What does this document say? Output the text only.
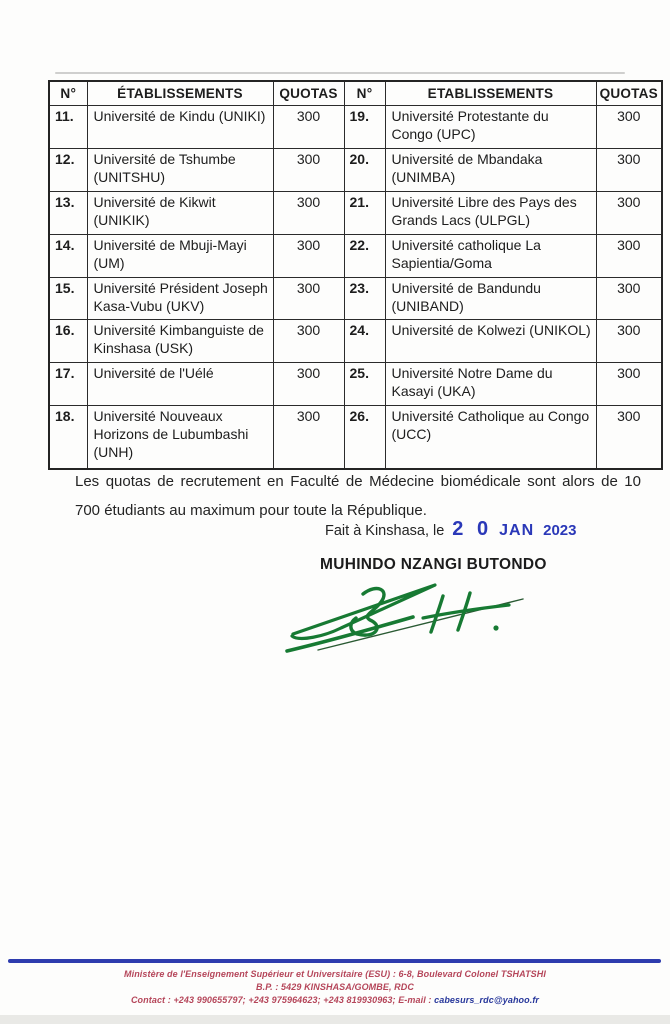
N°	ÉTABLISSEMENTS	QUOTAS	N°	ETABLISSEMENTS	QUOTAS
11.	Université de Kindu (UNIKI)	300	19.	Université Protestante du Congo (UPC)	300
12.	Université de Tshumbe (UNITSHU)	300	20.	Université de Mbandaka (UNIMBA)	300
13.	Université de Kikwit (UNIKIK)	300	21.	Université Libre des Pays des Grands Lacs (ULPGL)	300
14.	Université de Mbuji-Mayi (UM)	300	22.	Université catholique La Sapientia/Goma	300
15.	Université Président Joseph Kasa-Vubu (UKV)	300	23.	Université de Bandundu (UNIBAND)	300
16.	Université Kimbanguiste de Kinshasa (USK)	300	24.	Université de Kolwezi (UNIKOL)	300
17.	Université de l'Uélé	300	25.	Université Notre Dame du Kasayi (UKA)	300
18.	Université Nouveaux Horizons de Lubumbashi (UNH)	300	26.	Université Catholique au Congo (UCC)	300

Les quotas de recrutement en Faculté de Médecine biomédicale sont alors de 10 700 étudiants au maximum pour toute la République.

Fait à Kinshasa, le 2 0 JAN 2023
MUHINDO NZANGI BUTONDO
Ministère de l'Enseignement Supérieur et Universitaire (ESU) : 6-8, Boulevard Colonel TSHATSHI
B.P. : 5429 KINSHASA/GOMBE, RDC
Contact : +243 990655797; +243 975964623; +243 819930963; E-mail : cabesurs_rdc@yahoo.fr
